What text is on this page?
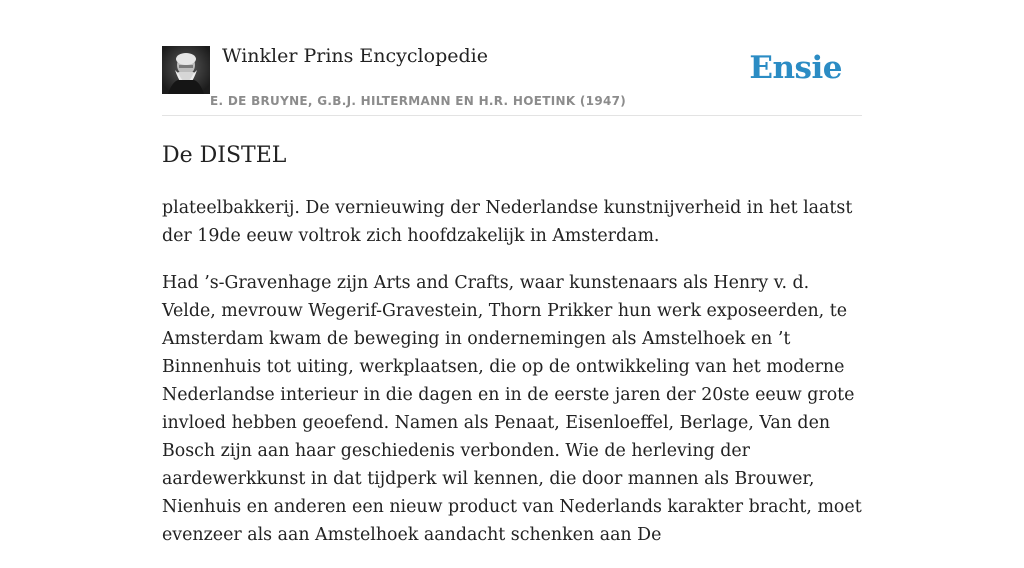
Winkler Prins Encyclopedie
E. DE BRUYNE, G.B.J. HILTERMANN EN H.R. HOETINK (1947)
Ensie
De DISTEL

plateelbakkerij. De vernieuwing der Nederlandse kunstnijverheid in het laatst der 19de eeuw voltrok zich hoofdzakelijk in Amsterdam.

Had ’s-Gravenhage zijn Arts and Crafts, waar kunstenaars als Henry v. d. Velde, mevrouw Wegerif-Gravestein, Thorn Prikker hun werk exposeerden, te Amsterdam kwam de beweging in ondernemingen als Amstelhoek en ’t Binnenhuis tot uiting, werkplaatsen, die op de ontwikkeling van het moderne Nederlandse interieur in die dagen en in de eerste jaren der 20ste eeuw grote invloed hebben geoefend. Namen als Penaat, Eisenloeffel, Berlage, Van den Bosch zijn aan haar geschiedenis verbonden. Wie de herleving der aardewerkkunst in dat tijdperk wil kennen, die door mannen als Brouwer, Nienhuis en anderen een nieuw product van Nederlands karakter bracht, moet evenzeer als aan Amstelhoek aandacht schenken aan De
